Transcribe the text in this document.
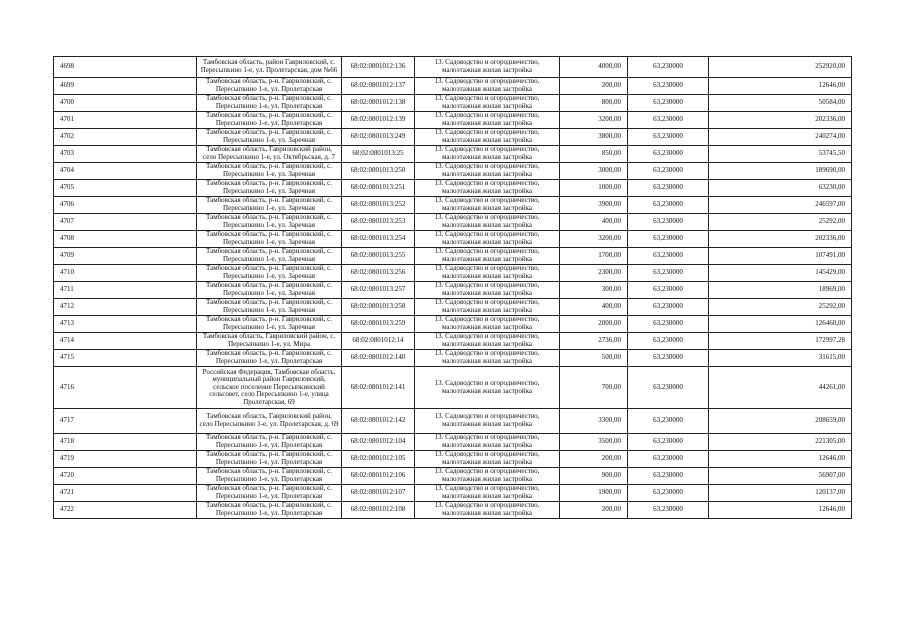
4698	Тамбовская область, район Гавриловский, с. Пересыпкино 1-е, ул. Пролетарская, дом №66	68:02:0801012:136	13. Садоводство и огородничество, малоэтажная жилая застройка	4000,00	63,230000	252920,00
4699	Тамбовская область, р-н. Гавриловский, с. Пересыпкино 1-е, ул. Пролетарская	68:02:0801012:137	13. Садоводство и огородничество, малоэтажная жилая застройка	200,00	63,230000	12646,00
4700	Тамбовская область, р-н. Гавриловский, с. Пересыпкино 1-е, ул. Пролетарская	68:02:0801012:138	13. Садоводство и огородничество, малоэтажная жилая застройка	800,00	63,230000	50584,00
4701	Тамбовская область, р-н. Гавриловский, с. Пересыпкино 1-е, ул. Пролетарская	68:02:0801012:139	13. Садоводство и огородничество, малоэтажная жилая застройка	3200,00	63,230000	202336,00
4702	Тамбовская область, р-н. Гавриловский, с. Пересыпкино 1-е, ул. Заречная	68:02:0801013:249	13. Садоводство и огородничество, малоэтажная жилая застройка	3800,00	63,230000	240274,00
4703	Тамбовская область, Гавриловский район, село Пересыпкино 1-е, ул. Октябрьская, д. 7	68:02:0801013:25	13. Садоводство и огородничество, малоэтажная жилая застройка	850,00	63,230000	53745,50
4704	Тамбовская область, р-н. Гавриловский, с. Пересыпкино 1-е, ул. Заречная	68:02:0801013:250	13. Садоводство и огородничество, малоэтажная жилая застройка	3000,00	63,230000	189690,00
4705	Тамбовская область, р-н. Гавриловский, с. Пересыпкино 1-е, ул. Заречная	68:02:0801013:251	13. Садоводство и огородничество, малоэтажная жилая застройка	1000,00	63,230000	63230,00
4706	Тамбовская область, р-н. Гавриловский, с. Пересыпкино 1-е, ул. Заречная	68:02:0801013:252	13. Садоводство и огородничество, малоэтажная жилая застройка	3900,00	63,230000	246597,00
4707	Тамбовская область, р-н. Гавриловский, с. Пересыпкино 1-е, ул. Заречная	68:02:0801013:253	13. Садоводство и огородничество, малоэтажная жилая застройка	400,00	63,230000	25292,00
4708	Тамбовская область, р-н. Гавриловский, с. Пересыпкино 1-е, ул. Заречная	68:02:0801013:254	13. Садоводство и огородничество, малоэтажная жилая застройка	3200,00	63,230000	202336,00
4709	Тамбовская область, р-н. Гавриловский, с. Пересыпкино 1-е, ул. Заречная	68:02:0801013:255	13. Садоводство и огородничество, малоэтажная жилая застройка	1700,00	63,230000	107491,00
4710	Тамбовская область, р-н. Гавриловский, с. Пересыпкино 1-е, ул. Заречная	68:02:0801013:256	13. Садоводство и огородничество, малоэтажная жилая застройка	2300,00	63,230000	145429,00
4711	Тамбовская область, р-н. Гавриловский, с. Пересыпкино 1-е, ул. Заречная	68:02:0801013:257	13. Садоводство и огородничество, малоэтажная жилая застройка	300,00	63,230000	18969,00
4712	Тамбовская область, р-н. Гавриловский, с. Пересыпкино 1-е, ул. Заречная	68:02:0801013:258	13. Садоводство и огородничество, малоэтажная жилая застройка	400,00	63,230000	25292,00
4713	Тамбовская область, р-н. Гавриловский, с. Пересыпкино 1-е, ул. Заречная	68:02:0801013:259	13. Садоводство и огородничество, малоэтажная жилая застройка	2000,00	63,230000	126460,00
4714	Тамбовская область, Гавриловский район, с. Пересыпкино 1-е, ул. Мира	68:02:0801012:14	13. Садоводство и огородничество, малоэтажная жилая застройка	2736,00	63,230000	172997,28
4715	Тамбовская область, р-н. Гавриловский, с. Пересыпкино 1-е, ул. Пролетарская	68:02:0801012:140	13. Садоводство и огородничество, малоэтажная жилая застройка	500,00	63,230000	31615,00
4716	Российская Федерация, Тамбовская область, муниципальный район Гавриловский, сельское поселение Пересыпкинский сельсовет, село Пересыпкино 1-е, улица Пролетарская, 69	68:02:0801012:141	13. Садоводство и огородничество, малоэтажная жилая застройка	700,00	63,230000	44261,00
4717	Тамбовская область, Гавриловский район, село Пересыпкино 1-е, ул. Пролетарская, д. 69	68:02:0801012:142	13. Садоводство и огородничество, малоэтажная жилая застройка	3300,00	63,230000	208659,00
4718	Тамбовская область, р-н. Гавриловский, с. Пересыпкино 1-е, ул. Пролетарская	68:02:0801012:104	13. Садоводство и огородничество, малоэтажная жилая застройка	3500,00	63,230000	221305,00
4719	Тамбовская область, р-н. Гавриловский, с. Пересыпкино 1-е, ул. Пролетарская	68:02:0801012:105	13. Садоводство и огородничество, малоэтажная жилая застройка	200,00	63,230000	12646,00
4720	Тамбовская область, р-н. Гавриловский, с. Пересыпкино 1-е, ул. Пролетарская	68:02:0801012:106	13. Садоводство и огородничество, малоэтажная жилая застройка	900,00	63,230000	56907,00
4721	Тамбовская область, р-н. Гавриловский, с. Пересыпкино 1-е, ул. Пролетарская	68:02:0801012:107	13. Садоводство и огородничество, малоэтажная жилая застройка	1900,00	63,230000	120137,00
4722	Тамбовская область, р-н. Гавриловский, с. Пересыпкино 1-е, ул. Пролетарская	68:02:0801012:108	13. Садоводство и огородничество, малоэтажная жилая застройка	200,00	63,230000	12646,00
